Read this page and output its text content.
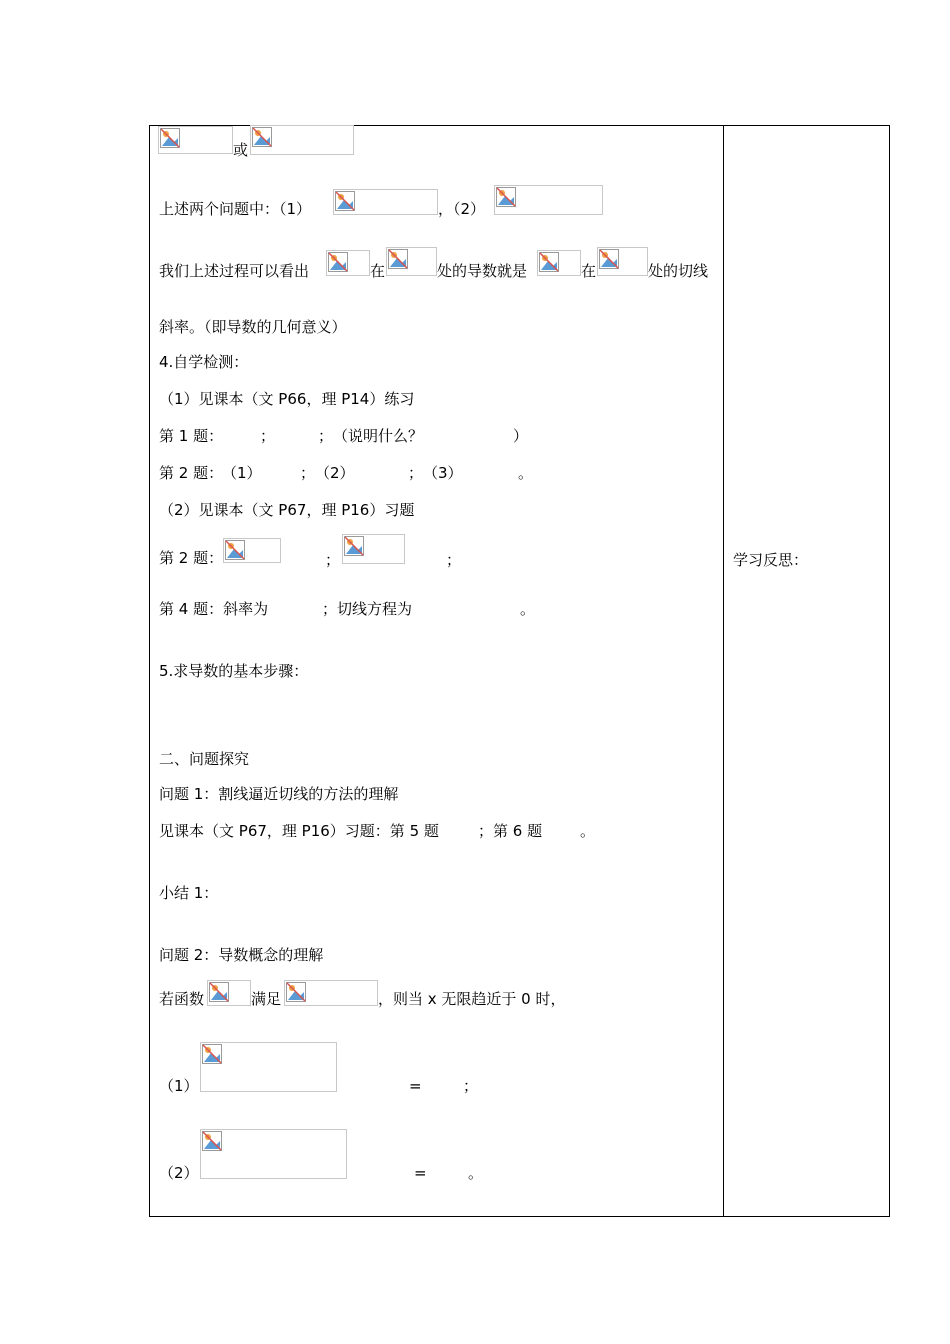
或
上述两个问题中：（1）	，（2）
我们上述过程可以看出	在	处的导数就是	在	处的切线
斜率。（即导数的几何意义）
4.自学检测：
（1）见课本（文 P66，理 P14）练习
第 1 题： ；	； （说明什么？	）
第 2 题：
（1）	； （2）	； （3）	。
（2）见课本（文 P67，理 P16）习题
第 2 题：	；	；
第 4 题：斜率为	；切线方程为	。
5.求导数的基本步骤：
二、问题探究
问题 1：割线逼近切线的方法的理解
见课本（文 P67，理 P16）习题：第 5 题	；第 6 题	。
小结 1：
问题 2：导数概念的理解
若函数	满足	，则当 x 无限趋近于 0 时，
（1）	=	；
（2）	=	。
学习反思：
